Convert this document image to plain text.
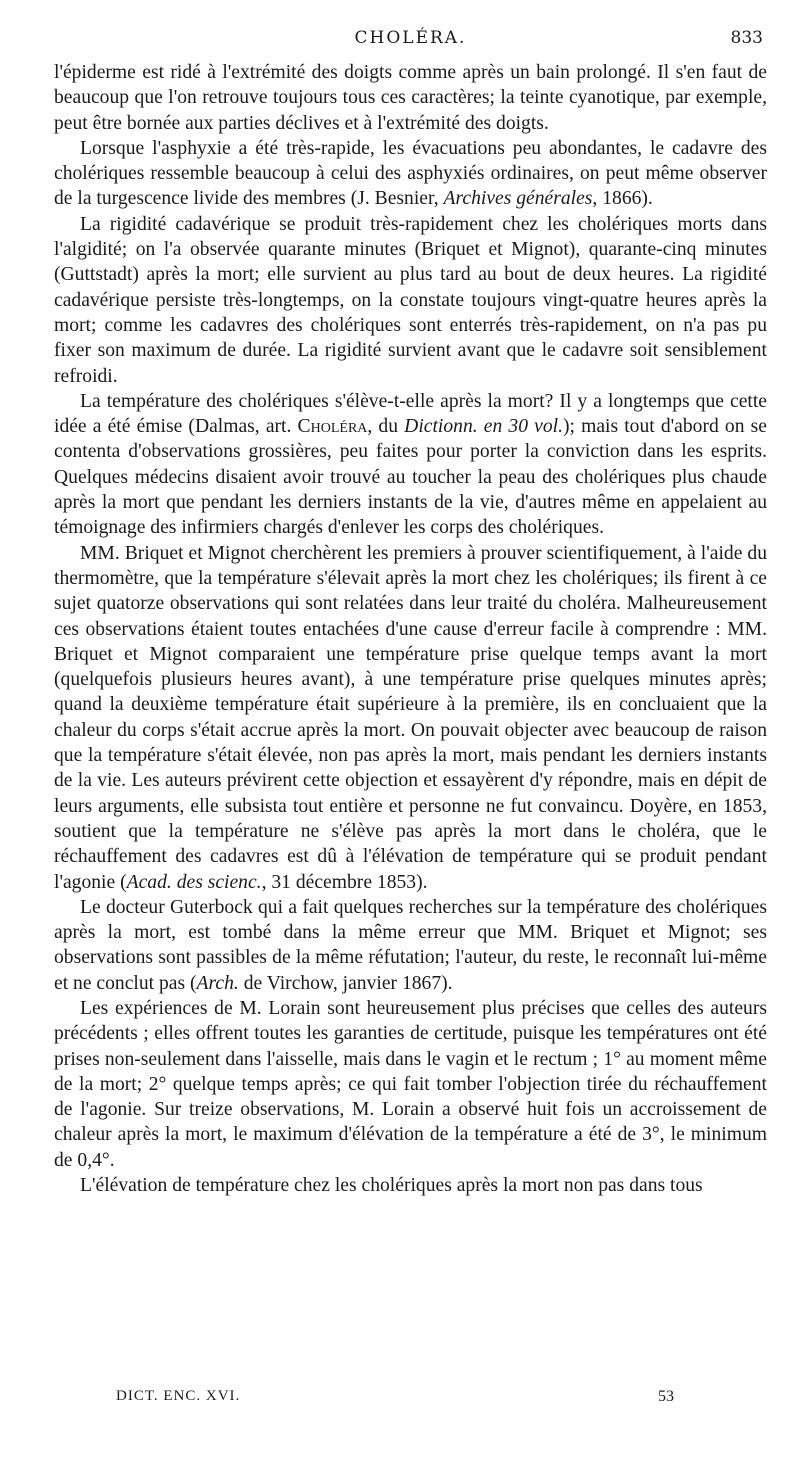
CHOLÉRA.	833

l'épiderme est ridé à l'extrémité des doigts comme après un bain prolongé. Il s'en faut de beaucoup que l'on retrouve toujours tous ces caractères; la teinte cyanotique, par exemple, peut être bornée aux parties déclives et à l'extrémité des doigts.

Lorsque l'asphyxie a été très-rapide, les évacuations peu abondantes, le cadavre des cholériques ressemble beaucoup à celui des asphyxiés ordinaires, on peut même observer de la turgescence livide des membres (J. Besnier, Archives générales, 1866).

La rigidité cadavérique se produit très-rapidement chez les cholériques morts dans l'algidité; on l'a observée quarante minutes (Briquet et Mignot), quarante-cinq minutes (Guttstadt) après la mort; elle survient au plus tard au bout de deux heures. La rigidité cadavérique persiste très-longtemps, on la constate toujours vingt-quatre heures après la mort; comme les cadavres des cholériques sont enterrés très-rapidement, on n'a pas pu fixer son maximum de durée. La rigidité survient avant que le cadavre soit sensiblement refroidi.

La température des cholériques s'élève-t-elle après la mort? Il y a longtemps que cette idée a été émise (Dalmas, art. Choléra, du Dictionn. en 30 vol.); mais tout d'abord on se contenta d'observations grossières, peu faites pour porter la conviction dans les esprits. Quelques médecins disaient avoir trouvé au toucher la peau des cholériques plus chaude après la mort que pendant les derniers instants de la vie, d'autres même en appelaient au témoignage des infirmiers chargés d'enlever les corps des cholériques.

MM. Briquet et Mignot cherchèrent les premiers à prouver scientifiquement, à l'aide du thermomètre, que la température s'élevait après la mort chez les cholériques; ils firent à ce sujet quatorze observations qui sont relatées dans leur traité du choléra. Malheureusement ces observations étaient toutes entachées d'une cause d'erreur facile à comprendre : MM. Briquet et Mignot comparaient une température prise quelque temps avant la mort (quelquefois plusieurs heures avant), à une température prise quelques minutes après; quand la deuxième température était supérieure à la première, ils en concluaient que la chaleur du corps s'était accrue après la mort. On pouvait objecter avec beaucoup de raison que la température s'était élevée, non pas après la mort, mais pendant les derniers instants de la vie. Les auteurs prévirent cette objection et essayèrent d'y répondre, mais en dépit de leurs arguments, elle subsista tout entière et personne ne fut convaincu. Doyère, en 1853, soutient que la température ne s'élève pas après la mort dans le choléra, que le réchauffement des cadavres est dû à l'élévation de température qui se produit pendant l'agonie (Acad. des scienc., 31 décembre 1853).

Le docteur Guterbock qui a fait quelques recherches sur la température des cholériques après la mort, est tombé dans la même erreur que MM. Briquet et Mignot; ses observations sont passibles de la même réfutation; l'auteur, du reste, le reconnaît lui-même et ne conclut pas (Arch. de Virchow, janvier 1867).

Les expériences de M. Lorain sont heureusement plus précises que celles des auteurs précédents ; elles offrent toutes les garanties de certitude, puisque les températures ont été prises non-seulement dans l'aisselle, mais dans le vagin et le rectum ; 1° au moment même de la mort; 2° quelque temps après; ce qui fait tomber l'objection tirée du réchauffement de l'agonie. Sur treize observations, M. Lorain a observé huit fois un accroissement de chaleur après la mort, le maximum d'élévation de la température a été de 3°, le minimum de 0,4°.

L'élévation de température chez les cholériques après la mort non pas dans tous

DICT. ENC. XVI.	53
